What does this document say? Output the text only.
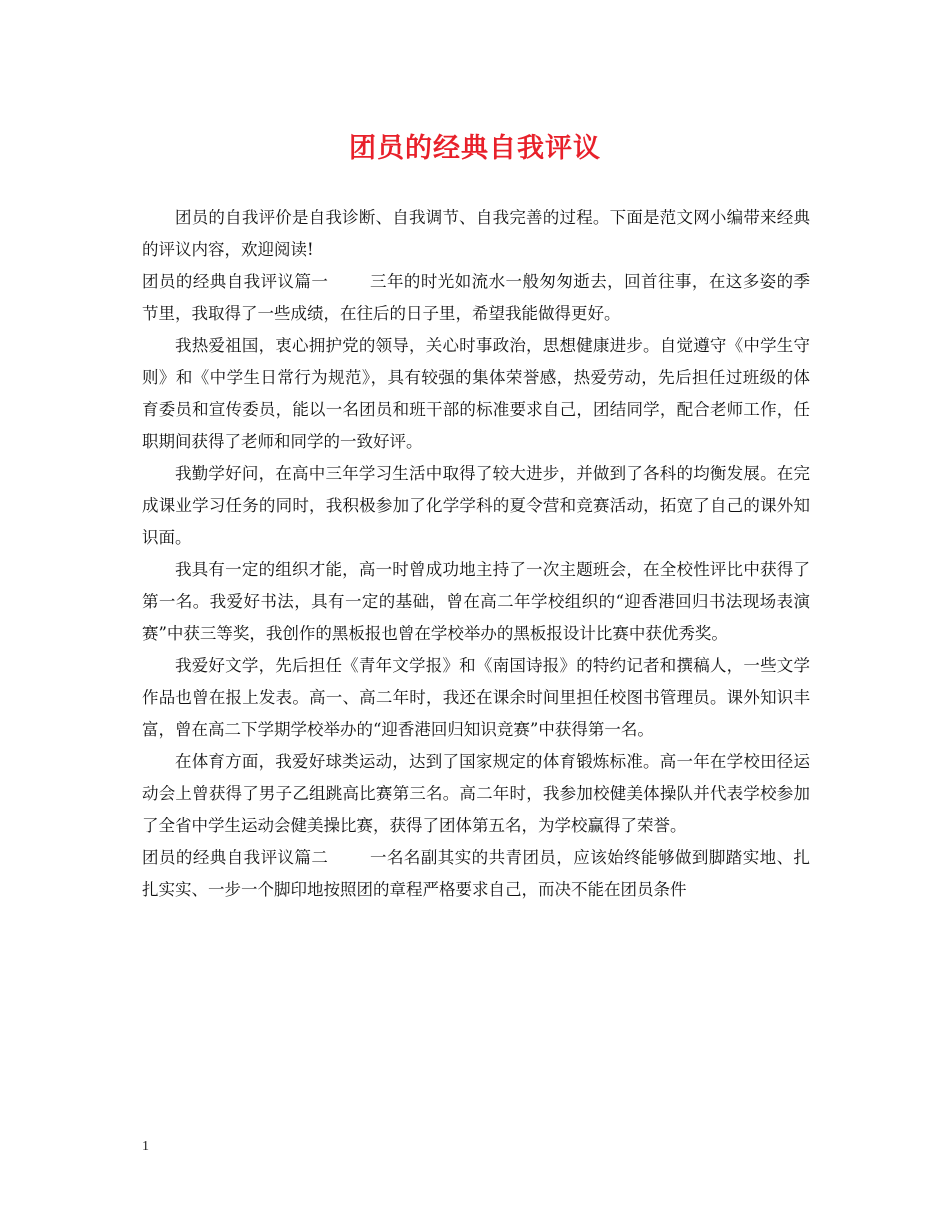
团员的经典自我评议

团员的自我评价是自我诊断、自我调节、自我完善的过程。下面是范文网小编带来经典的评议内容，欢迎阅读!

团员的经典自我评议篇一	三年的时光如流水一般匆匆逝去，回首往事，在这多姿的季节里，我取得了一些成绩，在往后的日子里，希望我能做得更好。

我热爱祖国，衷心拥护党的领导，关心时事政治，思想健康进步。自觉遵守《中学生守则》和《中学生日常行为规范》，具有较强的集体荣誉感，热爱劳动，先后担任过班级的体育委员和宣传委员，能以一名团员和班干部的标准要求自己，团结同学，配合老师工作，任职期间获得了老师和同学的一致好评。

我勤学好问，在高中三年学习生活中取得了较大进步，并做到了各科的均衡发展。在完成课业学习任务的同时，我积极参加了化学学科的夏令营和竞赛活动，拓宽了自己的课外知识面。

我具有一定的组织才能，高一时曾成功地主持了一次主题班会，在全校性评比中获得了第一名。我爱好书法，具有一定的基础，曾在高二年学校组织的“迎香港回归书法现场表演赛”中获三等奖，我创作的黑板报也曾在学校举办的黑板报设计比赛中获优秀奖。

我爱好文学，先后担任《青年文学报》和《南国诗报》的特约记者和撰稿人，一些文学作品也曾在报上发表。高一、高二年时，我还在课余时间里担任校图书管理员。课外知识丰富，曾在高二下学期学校举办的“迎香港回归知识竞赛”中获得第一名。

在体育方面，我爱好球类运动，达到了国家规定的体育锻炼标准。高一年在学校田径运动会上曾获得了男子乙组跳高比赛第三名。高二年时，我参加校健美体操队并代表学校参加了全省中学生运动会健美操比赛，获得了团体第五名，为学校赢得了荣誉。

团员的经典自我评议篇二	一名名副其实的共青团员，应该始终能够做到脚踏实地、扎扎实实、一步一个脚印地按照团的章程严格要求自己，而决不能在团员条件

1
